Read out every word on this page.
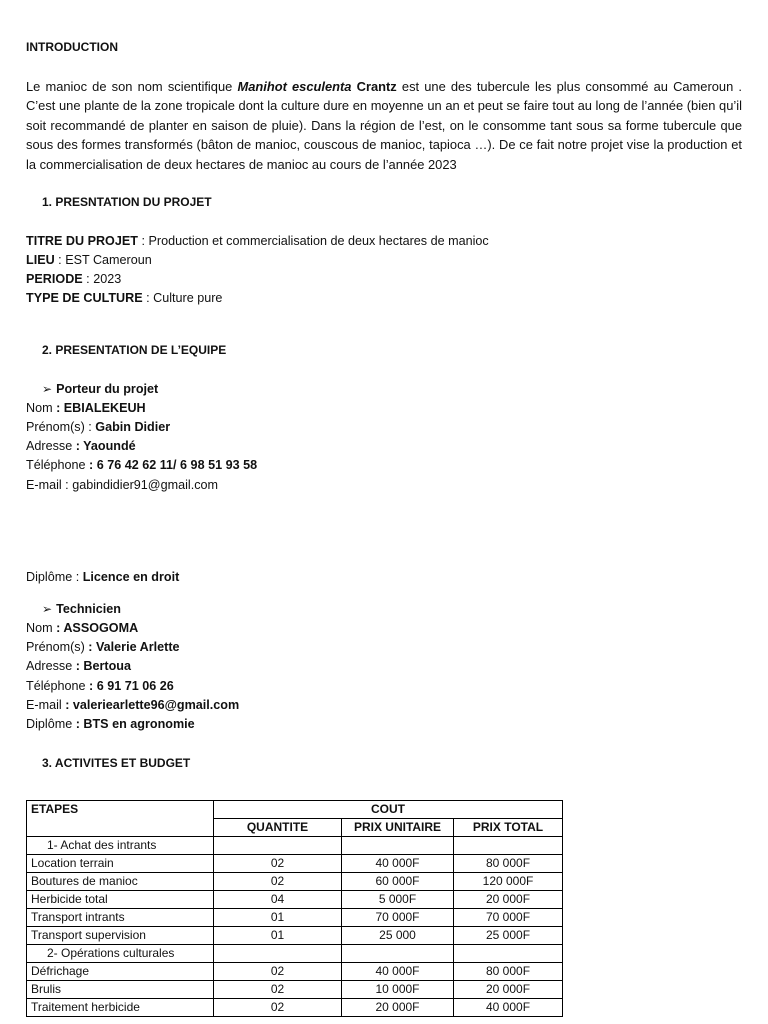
INTRODUCTION
Le manioc de son nom scientifique Manihot esculenta Crantz est une des tubercule les plus consommé au Cameroun . C’est une plante de la zone tropicale dont la culture dure en moyenne un an et peut se faire tout au long de l’année (bien qu’il soit recommandé de planter en saison de pluie). Dans la région de l’est, on le consomme tant sous sa forme tubercule que sous des formes transformés (bâton de manioc, couscous de manioc, tapioca …). De ce fait notre projet vise la production et la commercialisation de deux hectares de manioc au cours de l’année 2023
1. PRESNTATION DU PROJET
TITRE DU PROJET : Production et commercialisation de deux hectares de manioc
LIEU : EST Cameroun
PERIODE : 2023
TYPE DE CULTURE : Culture pure
2. PRESENTATION DE L’EQUIPE
➢ Porteur du projet
Nom : EBIALEKEUH
Prénom(s) : Gabin Didier
Adresse : Yaoundé
Téléphone : 6 76 42 62 11/ 6 98 51 93 58
E-mail : gabindidier91@gmail.com
Diplôme : Licence en droit
➢ Technicien
Nom : ASSOGOMA
Prénom(s) : Valerie Arlette
Adresse : Bertoua
Téléphone : 6 91 71 06 26
E-mail : valeriearlette96@gmail.com
Diplôme : BTS en agronomie
3. ACTIVITES ET BUDGET
ETAPES	COUT		
	QUANTITE	PRIX UNITAIRE	PRIX TOTAL
1- Achat des intrants			
Location terrain	02	40 000F	80 000F
Boutures de manioc	02	60 000F	120 000F
Herbicide total	04	5 000F	20 000F
Transport intrants	01	70 000F	70 000F
Transport supervision	01	25 000	25 000F
2- Opérations culturales			
Défrichage	02	40 000F	80 000F
Brulis	02	10 000F	20 000F
Traitement herbicide	02	20 000F	40 000F
